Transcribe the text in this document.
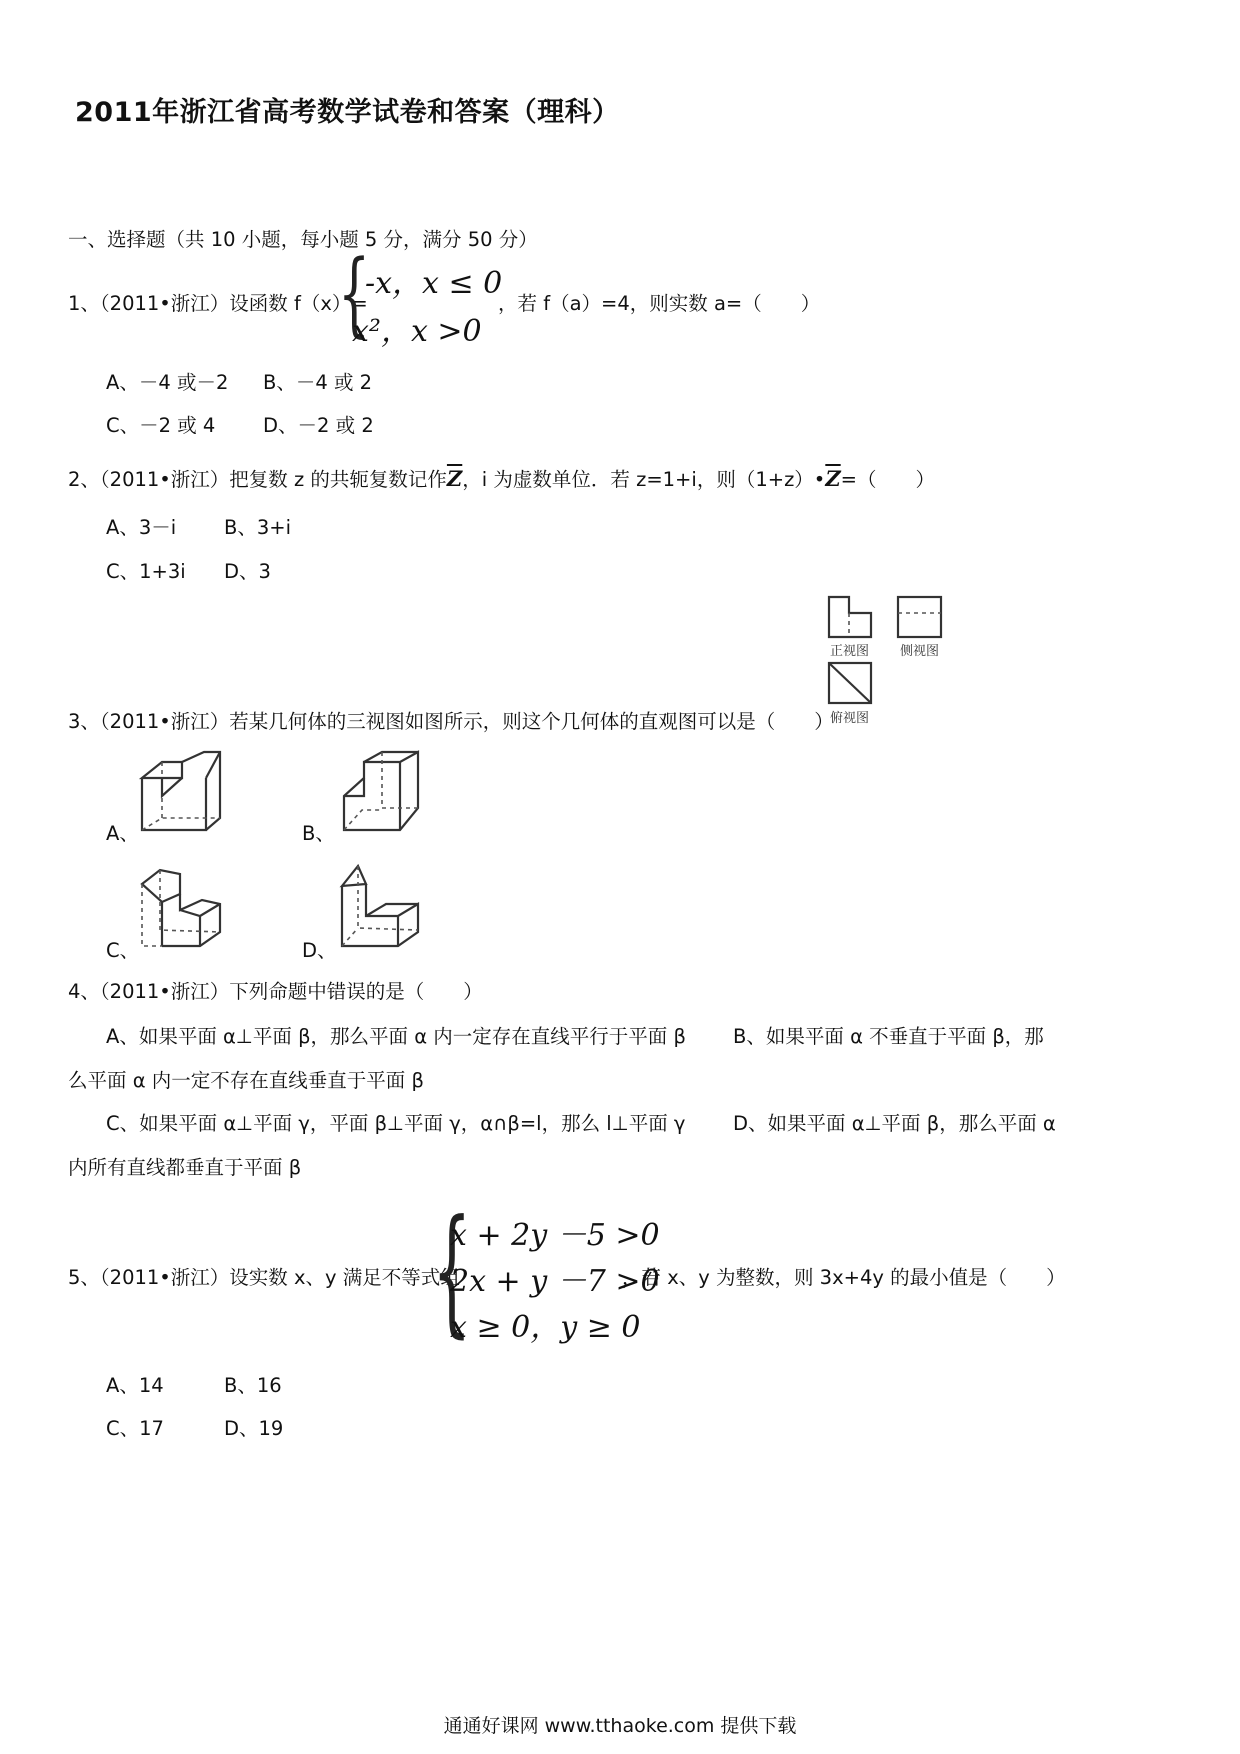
2011年浙江省高考数学试卷和答案（理科）
一、选择题（共 10 小题，每小题 5 分，满分 50 分）
1、（2011•浙江）设函数 f（x）=
{
-x，x ≤ 0
x²，x >0
，若 f（a）=4，则实数 a=（　　）
A、－4 或－2 B、－4 或 2
C、－2 或 4 D、－2 或 2
2、（2011•浙江）把复数 z 的共轭复数记作$\overline{Z}$，i 为虚数单位．若 z=1+i，则$(1+z)•\overline{Z}=$（　　）
A、3－i B、3+i
C、1+3i D、3
正视图 侧视图
俯视图
3、（2011•浙江）若某几何体的三视图如图所示，则这个几何体的直观图可以是（　　）
A、	B、
C、	D、
4、（2011•浙江）下列命题中错误的是（　　）
A、如果平面 α⊥平面 β，那么平面 α 内一定存在直线平行于平面 β B、如果平面 α 不垂直于平面 β，那
么平面 α 内一定不存在直线垂直于平面 β
C、如果平面 α⊥平面 γ，平面 β⊥平面 γ，α∩β=l，那么 l⊥平面 γ D、如果平面 α⊥平面 β，那么平面 α
内所有直线都垂直于平面 β
5、（2011•浙江）设实数 x、y 满足不等式组
{
x + 2y －5 >0
2x + y －7 >0
x ≥ 0，y ≥ 0
，若 x、y 为整数，则 3x+4y 的最小值是（　　）
A、14	B、16
C、17	D、19
通通好课网 www.tthaoke.com 提供下载
